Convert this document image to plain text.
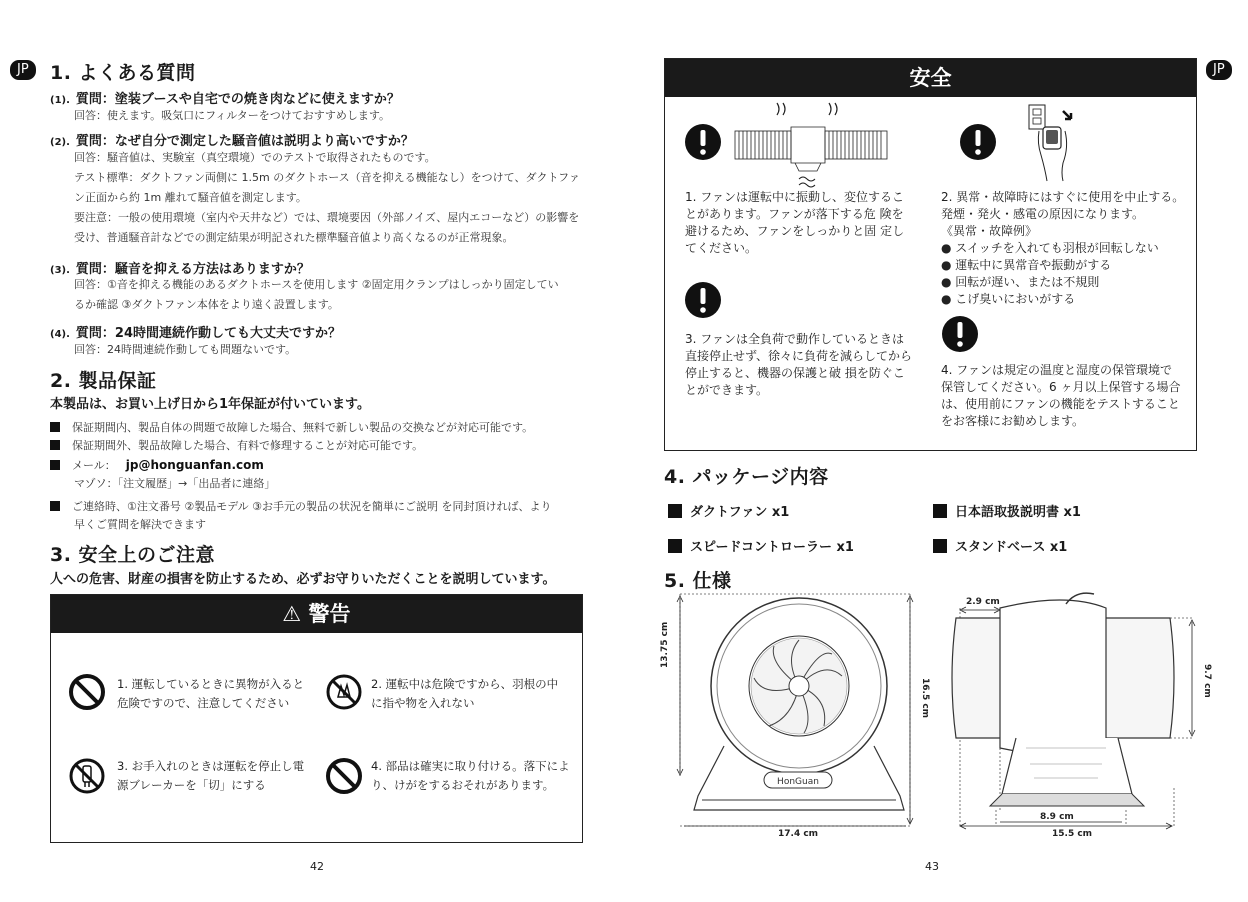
JP	1. よくある質問
(1). 質問：塗装ブースや自宅での焼き肉などに使えますか？
回答：使えます。吸気口にフィルターをつけておすすめします。
(2). 質問：なぜ自分で測定した騒音値は説明より高いですか？
回答：騒音値は、実験室（真空環境）でのテストで取得されたものです。
テスト標準：ダクトファン両側に 1.5m のダクトホース（音を抑える機能なし）をつけて、ダクトファ
ン正面から約 1m 離れて騒音値を測定します。
要注意：一般の使用環境（室内や天井など）では、環境要因（外部ノイズ、屋内エコーなど）の影響を
受け、普通騒音計などでの測定結果が明記された標準騒音値より高くなるのが正常現象。
(3). 質問：騒音を抑える方法はありますか？
回答：①音を抑える機能のあるダクトホースを使用します ②固定用クランプはしっかり固定してい
るか確認 ③ダクトファン本体をより遠く設置します。
(4). 質問：24時間連続作動しても大丈夫ですか？
回答：24時間連続作動しても問題ないです。
2. 製品保証
本製品は、お買い上げ日から1年保証が付いています。
保証期間内、製品自体の問題で故障した場合、無料で新しい製品の交換などが対応可能です。
保証期間外、製品故障した場合、有料で修理することが対応可能です。
メール： jp@honguanfan.com
マゾソ：「注文履歴」→「出品者に連絡」
ご連絡時、①注文番号 ②製品モデル ③お手元の製品の状況を簡単にご説明 を同封頂ければ、より
早くご質問を解決できます
3. 安全上のご注意
人への危害、財産の損害を防止するため、必ずお守りいただくことを説明しています。
⚠ 警告
1. 運転しているときに異物が入ると
危険ですので、注意してください
2. 運転中は危険ですから、羽根の中
に指や物を入れない
3. お手入れのときは運転を停止し電
源ブレーカーを「切」にする
4. 部品は確実に取り付ける。落下によ
り、けがをするおそれがあります。
42
JP
安全
1. ファンは運転中に振動し、変位するこ
とがあります。ファンが落下する危 険を
避けるため、ファンをしっかりと固 定し
てください。
2. 異常・故障時にはすぐに使用を中止する。
発煙・発火・感電の原因になります。
《異常・故障例》
● スイッチを入れても羽根が回転しない
● 運転中に異常音や振動がする
● 回転が遅い、または不規則
● こげ臭いにおいがする
3. ファンは全負荷で動作しているときは
直接停止せず、徐々に負荷を減らしてから
停止すると、機器の保護と破 損を防ぐこ
とができます。
4. ファンは規定の温度と湿度の保管環境で
保管してください。6 ヶ月以上保管する場合
は、使用前にファンの機能をテストすること
をお客様にお勧めします。
4. パッケージ内容
ダクトファン x1	日本語取扱説明書 x1
スピードコントローラー x1	スタンドベース x1
5. 仕様
HonGuan
13.75 cm
16.5 cm
17.4 cm
2.9 cm
9.7 cm
8.9 cm
15.5 cm
43
